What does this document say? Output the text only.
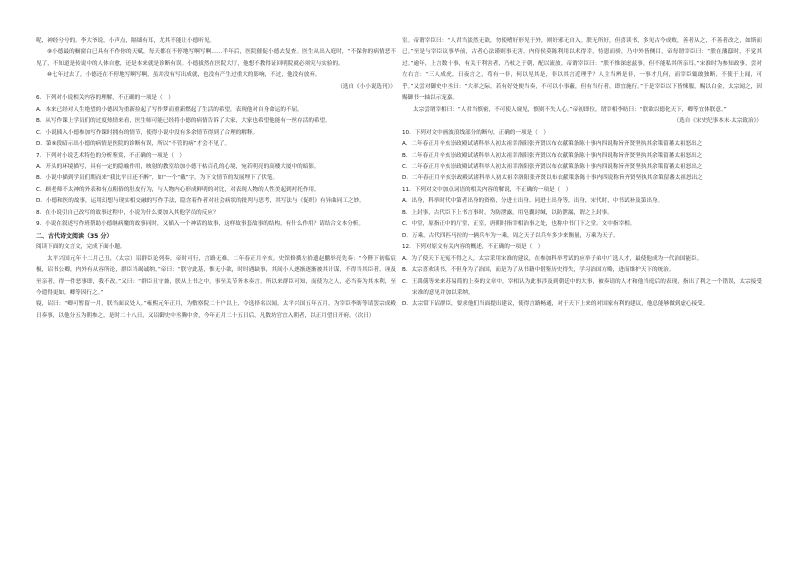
呢，神经兮兮的。李大爷说，小声点，隔墙有耳，尤其不能让小德听见。

⑨小德最的橱窗白已具有不作你的天赋，每天都在不停地写啊写啊……半年后，医院催促小德去复查。医生从出入庭时，“不保你的病情恶不见了，不知道是传说中的人体自愈，还是本来就是诊断有误。小德拔然在医院大厅，他想不教得证回明院就必须究与实验的。

⑩七年过去了，小德还在不停地写啊写啊，虽并没有写出成就，也没有产生过重大的影响，不过，他没有放弃。

（选自《小小说选刊》）

6．下列对小说相关内容的理解，不正确的一项是（　）

A．本来已经对人生绝望的小德因为重新捡起了写作梦而重新燃起了生活的希望，表现他对自身命运的不屈。

B．从写作课上学员们的过度热情来看，医生师可能已经将小德的病情告诉了大家，大家也希望他能有一丝存活的希望。

C．小说插入小德参加写作课时拥有的情节，使得小说中没有多余情节得到了合理的解释。

D．第⑨段暗示出小德的病情是医院的诊断有误，所以“不管的病”才会不见了。

7．下列对小说艺术特色的分析鉴赏，不正确的一项是（　）

A．开头的环境描写，具有一定的隐喻作用，映射的教室给加小德干枯百孔的心境，宛若明亮的高楼大厦中的暗影。

B．小说中描到学员们期而来“我比平日还不醉”，如“一个“戴”字，为下文情节的发展埋下了伏笔。

C．顾老师不太神的外表和有点粗俗的肚皮行为，与人物内心形成鲜明的对比，对表现人物的人性美起到衬托作用。

D．小德和医的故事，运用幻想与现实相交融的写作手法，隐含着作者对社会病状的批判与思考，其写法与《促织》有异曲同工之妙。

8．在小说引自己改写的故事过程中，小说为什么要加入其他学员的反应？

9．小说在叙述写作班帮助小德继病魔的故事同时，又插入一个神话的故事，这样故事套故事的结构，有什么作用？请结合文本分析。

二、古代诗文阅读（35 分）

阅读下面的文言文，完成下面小题。

太平兴国元年十二月己丑，（太宗）诏群臣论列奏，帝时可行，言路无难。二年春正月辛亥，史馆修撰左拾遗赵鹏举亮先奏：“今陛下初临宸极，诏书公卿，内外有从容所论，群臣当竭诚纳。”帝曰：“朕守此基，惟无小欲，时时遇缺事，其间小人逐渐逐渐被其计谋，不得当其臣者，诬及至亲者，得一件恶事即，我不改。”又曰：“群臣且守兼，朕从上书之中，事至关节务本奏言，所以来群臣可知，而使为之人，必当奏为其本利，至今遣得更如，卿等因行之。”

寝，诏曰：“卿可暂留一月，朕当面议处人。”雍熙元年正月，为敷察院二十户以上，令选择名以闻。太平兴国五年五月，为宰臣李昉等请罢宗成殿日奏事，以他分五为朝参之，是时二十八日，又诏御史中丞腾中舍，今年正月二十五日后，凡数坊官宜入朝者，以正月望日开府。（次日）

室。帝谓宰臣曰：“人君当淡然无欲，勿使嗜好形见于外，则奸邪无自入。朕无所好，但喜读书，多见古今成败，善者从之，不善者改之，如斯而已。”至是与宰臣议事毕前，古者心法谨则事无害，内侍侯莫陈利用以术得幸，恃恩而骄，乃中外皆侧目，帝每谓宰臣曰：“朕在藩邸时，不觉其过。”逾年，上言数十事，有关于利害者，乃杖之于朝，配以流放。帝谓宰臣曰：“朕不惟深虑兹事，但不能私其所亲耳。”宋准时为参知政事，尝对左右言：“三人成虎，日夜言之，苟有一非，何以见其是，非以其言近理乎？人主当辨是非，一事才几何，而宰臣辄敢独断，不使于上闻，可乎。”又尝对御史中丞曰：“大率之际，若有好处便当奏，不可以小事蔽，但有当行者，即宜施行。”于是宰臣以下皆悚服，赐以白金，太宗闻之，因赐御书一轴以示宠嘉。

太宗尝谓宰相曰：“人君当慎密，不可使人窥见，慎则不失人心。”帝初即位，谓宰相李昉曰：“朕欲以德化天下，卿等宜体朕意。”

（选自《宋史纪事本末·太宗致治》）

10．下列对文中画波浪线部分的断句，正确的一项是（　）

A．二年春正月辛亥崇政殿试诸科举人初太祖幸洛阳张齐贤以布衣献策条陈十事内四说称旨齐贤坚执其余策留蕃太祖怒出之

B．二年春正月辛亥崇政殿试诸科举人初太祖幸洛阳张齐贤以布衣献策条陈十事内四说称旨齐贤坚执其余策留蕃太祖怒出之

C．二年春正月辛亥崇政殿试诸科举人初太祖幸洛阳张齐贤以布衣献策条陈十事内四说称旨齐贤坚执其余策留蕃太祖怒出之

D．二年春正月辛亥崇政殿试诸科举人初太祖幸洛阳张齐贤以布衣献策条陈十事内四说称旨齐贤坚执其余策留蕃太祖怒出之

11．下列对文中加点词语的相关内容的解说，不正确的一项是（　）

A．出身，科举时代中第者出身的资格，分进士出身、同进士出身等，出身，宋代时，中书试补及第出身。

B．上封事，古代臣下上书言事时，为防泄露，用皂囊封缄，以防泄漏，谓之上封事。

C．中堂，原指正中的厅堂，正室，唐朝时指宰相治事之处，也称中书门下之堂。文中指宰相。

D．万乘，古代四匹马拉的一辆兵车为一乘，周之天子以兵车多少来衡量，万乘为天子。

12．下列对原文有关内容的概述，不正确的一项是（　）

A．为了使天下无冤不得之人，太宗采用宋准的建议，在参加科举考试的应举子弟中广选人才，最使他成为一代治国能臣。

B．太宗喜欢读书，不但身为了治国，而是为了从书籍中借鉴历史得失，学习治国方略，进而维护天下的统治。

C．王禹偁等来来苏易简的上奏的文章中，宰相认为此事涉及到朝廷中的大事，被奏请的人才和他当庭后的表现，指出了利之一个错误，太宗接受宋准的意见并加以采纳。

D．太宗常下诏群臣，要求他们当面提出建议，使得言路畅通，对于天下上来的对国家有利的建议，他总能够做到虚心接受。
